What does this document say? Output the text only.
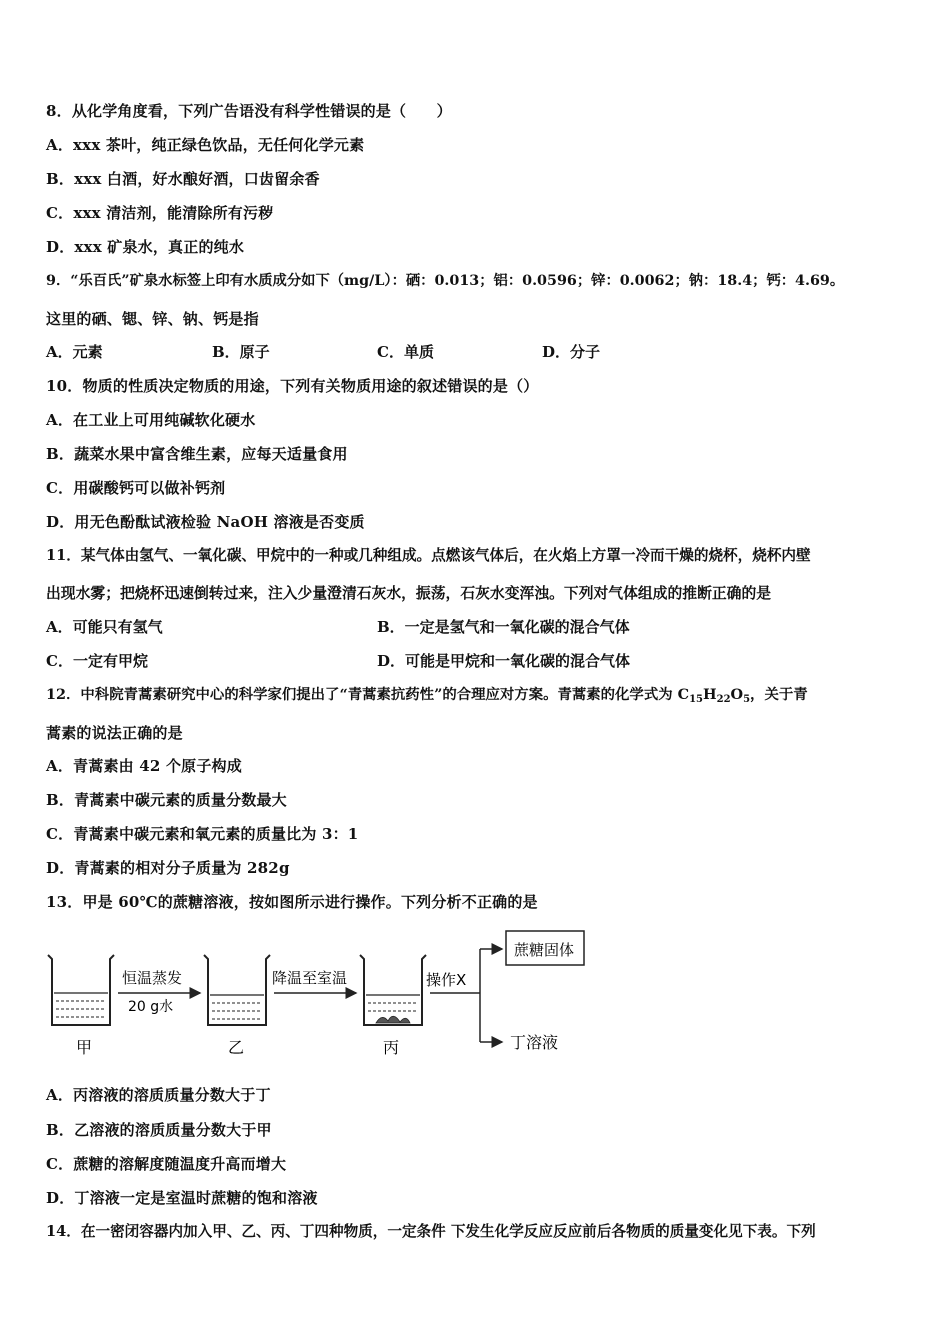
8．从化学角度看，下列广告语没有科学性错误的是（　　）
A．xxx 茶叶，纯正绿色饮品，无任何化学元素
B．xxx 白酒，好水酿好酒，口齿留余香
C．xxx 清洁剂，能清除所有污秽
D．xxx 矿泉水，真正的纯水
9．“乐百氏”矿泉水标签上印有水质成分如下（mg/L）：硒：0.013；铝：0.0596；锌：0.0062；钠：18.4；钙：4.69。
这里的硒、锶、锌、钠、钙是指
A．元素	B．原子	C．单质	D．分子
10．物质的性质决定物质的用途，下列有关物质用途的叙述错误的是（）
A．在工业上可用纯碱软化硬水
B．蔬菜水果中富含维生素，应每天适量食用
C．用碳酸钙可以做补钙剂
D．用无色酚酞试液检验 NaOH 溶液是否变质
11．某气体由氢气、一氧化碳、甲烷中的一种或几种组成。点燃该气体后，在火焰上方罩一冷而干燥的烧杯，烧杯内壁
出现水雾；把烧杯迅速倒转过来，注入少量澄清石灰水，振荡，石灰水变浑浊。下列对气体组成的推断正确的是
A．可能只有氢气	B．一定是氢气和一氧化碳的混合气体
C．一定有甲烷	D．可能是甲烷和一氧化碳的混合气体
12．中科院青蒿素研究中心的科学家们提出了“青蒿素抗药性”的合理应对方案。青蒿素的化学式为 $C_{15}H_{22}O_5$，关于青
蒿素的说法正确的是
A．青蒿素由 42 个原子构成
B．青蒿素中碳元素的质量分数最大
C．青蒿素中碳元素和氧元素的质量比为 3：1
D．青蒿素的相对分子质量为 282g
13．甲是 60℃的蔗糖溶液，按如图所示进行操作。下列分析不正确的是
甲
恒温蒸发
20 g水
乙
降温至室温
丙
操作X
蔗糖固体
丁溶液
A．丙溶液的溶质质量分数大于丁
B．乙溶液的溶质质量分数大于甲
C．蔗糖的溶解度随温度升高而增大
D．丁溶液一定是室温时蔗糖的饱和溶液
14．在一密闭容器内加入甲、乙、丙、丁四种物质，一定条件 下发生化学反应反应前后各物质的质量变化见下表。下列
